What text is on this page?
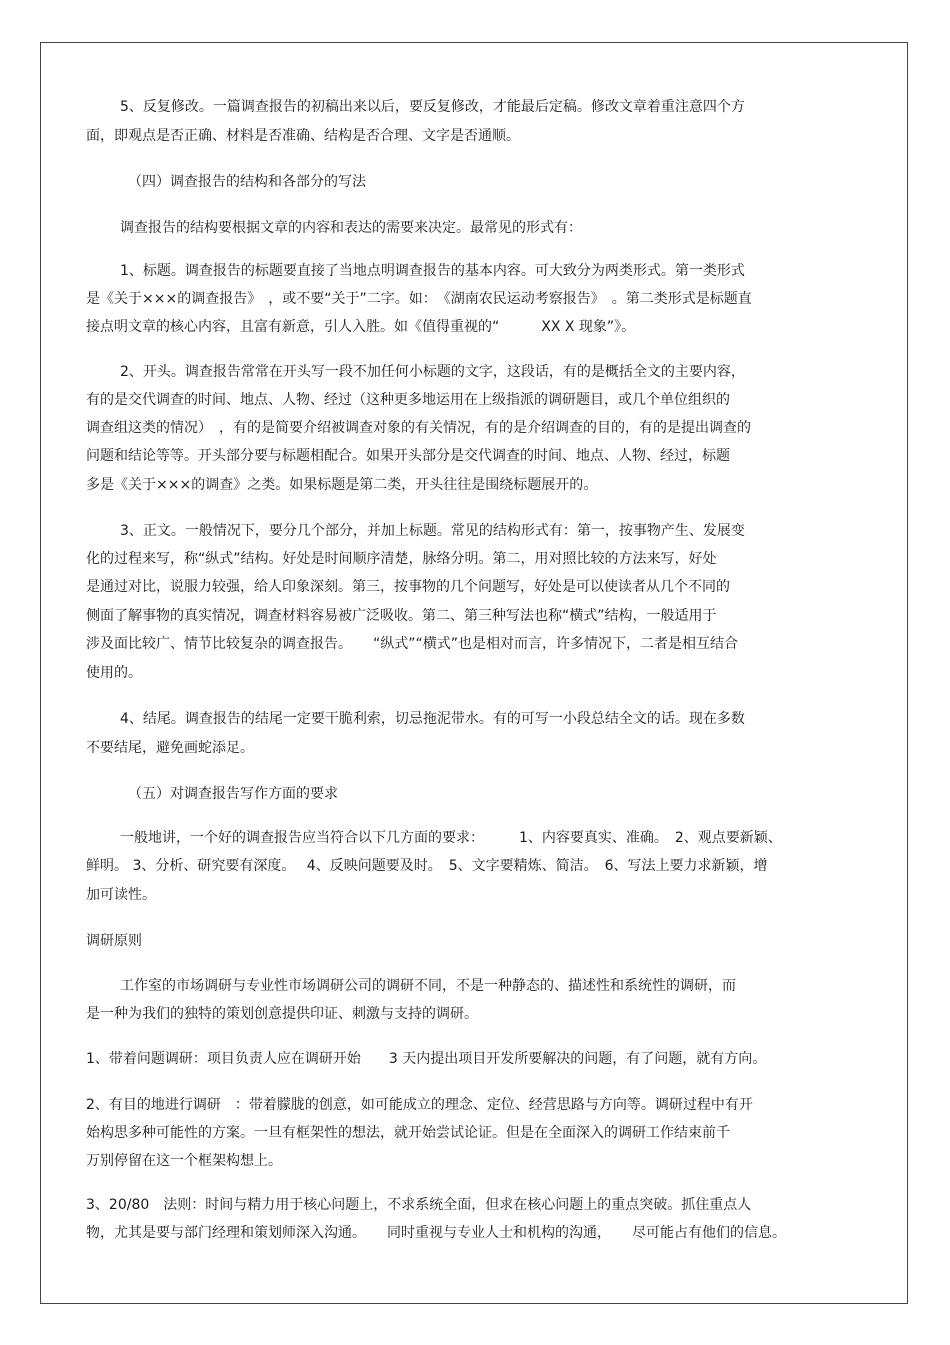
5、反复修改。一篇调查报告的初稿出来以后，要反复修改，才能最后定稿。修改文章着重注意四个方
面，即观点是否正确、材料是否准确、结构是否合理、文字是否通顺。
（四）调查报告的结构和各部分的写法
调查报告的结构要根据文章的内容和表达的需要来决定。最常见的形式有：
1、标题。调查报告的标题要直接了当地点明调查报告的基本内容。可大致分为两类形式。第一类形式
是《关于×××的调查报告》　，或不要“关于”二字。如：　《湖南农民运动考察报告》　。第二类形式是标题直
接点明文章的核心内容，且富有新意，引人入胜。如《值得重视的“　　　XX X 现象”》。
2、开头。调查报告常常在开头写一段不加任何小标题的文字，这段话，有的是概括全文的主要内容，
有的是交代调查的时间、地点、人物、经过（这种更多地运用在上级指派的调研题目，或几个单位组织的
调查组这类的情况）　，有的是简要介绍被调查对象的有关情况，有的是介绍调查的目的，有的是提出调查的
问题和结论等等。开头部分要与标题相配合。如果开头部分是交代调查的时间、地点、人物、经过，标题
多是《关于×××的调查》之类。如果标题是第二类，开头往往是围绕标题展开的。
3、正文。一般情况下，要分几个部分，并加上标题。常见的结构形式有：第一，按事物产生、发展变
化的过程来写，称“纵式”结构。好处是时间顺序清楚，脉络分明。第二，用对照比较的方法来写，好处
是通过对比，说服力较强，给人印象深刻。第三，按事物的几个问题写，好处是可以使读者从几个不同的
侧面了解事物的真实情况，调查材料容易被广泛吸收。第二、第三种写法也称“横式”结构，一般适用于
涉及面比较广、情节比较复杂的调查报告。　　“纵式”“横式”也是相对而言，许多情况下，二者是相互结合
使用的。
4、结尾。调查报告的结尾一定要干脆利索，切忌拖泥带水。有的可写一小段总结全文的话。现在多数
不要结尾，避免画蛇添足。
（五）对调查报告写作方面的要求
一般地讲，一个好的调查报告应当符合以下几方面的要求：　　　1、内容要真实、准确。　2、观点要新颖、
鲜明。 3、分析、研究要有深度。　 4、反映问题要及时。　5、文字要精炼、简洁。　6、写法上要力求新颖，增
加可读性。
调研原则
工作室的市场调研与专业性市场调研公司的调研不同，不是一种静态的、描述性和系统性的调研，而
是一种为我们的独特的策划创意提供印证、刺激与支持的调研。
1、带着问题调研：项目负责人应在调研开始　　3 天内提出项目开发所要解决的问题，有了问题，就有方向。
2、有目的地进行调研　：带着朦胧的创意，如可能成立的理念、定位、经营思路与方向等。调研过程中有开
始构思多种可能性的方案。一旦有框架性的想法，就开始尝试论证。但是在全面深入的调研工作结束前千
万别停留在这一个框架构想上。
3、20/80　法则：时间与精力用于核心问题上，不求系统全面，但求在核心问题上的重点突破。抓住重点人
物，尤其是要与部门经理和策划师深入沟通。　　同时重视与专业人士和机构的沟通，　　尽可能占有他们的信息。
